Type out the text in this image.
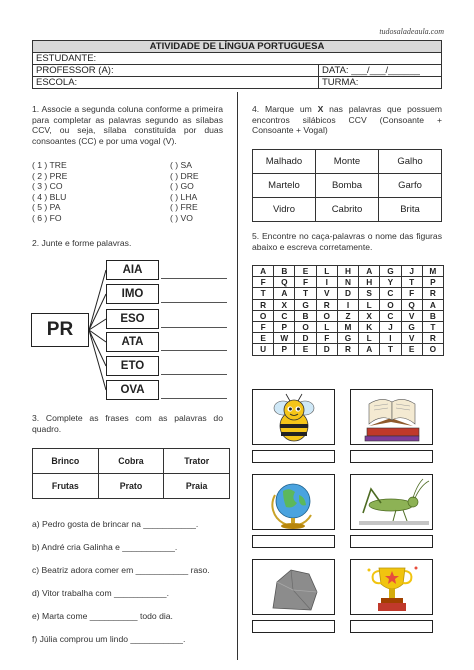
tudosaladeaula.com
ATIVIDADE DE LÍNGUA PORTUGUESA	
ESTUDANTE:	
PROFESSOR (A):	DATA: ___/___/______
ESCOLA:	TURMA:
1. Associe a segunda coluna conforme a primeira para completar as palavras segundo as sílabas CCV, ou seja, sílaba constituída por duas consoantes (CC) e por uma vogal (V).
( 1 ) TRE
( 2 ) PRE
( 3 ) CO
( 4 ) BLU
( 5 ) PA
( 6 ) FO
( ) SA
( ) DRE
( ) GO
( ) LHA
( ) FRE
( ) VO
2. Junte e forme palavras.
PR
AIA
IMO
ESO
ATA
ETO
OVA
3. Complete as frases com as palavras do quadro.
Brinco	Cobra	Trator
Frutas	Prato	Praia
a) Pedro gosta de brincar na ___________.
b) André cria Galinha e ___________.
c) Beatriz adora comer em ___________ raso.
d) Vitor trabalha com ___________.
e) Marta come __________ todo dia.
f) Júlia comprou um lindo ___________.
4. Marque um X nas palavras que possuem encontros silábicos CCV (Consoante + Consoante + Vogal)
Malhado	Monte	Galho
Martelo	Bomba	Garfo
Vidro	Cabrito	Brita
5. Encontre no caça-palavras o nome das figuras abaixo e escreva corretamente.
A	B	E	L	H	A	G	J	M
F	Q	F	I	N	H	Y	T	P
T	A	T	V	D	S	C	F	R
R	X	G	R	I	L	O	Q	A
O	C	B	O	Z	X	C	V	B
F	P	O	L	M	K	J	G	T
E	W	D	F	G	L	I	V	R
U	P	E	D	R	A	T	E	O
